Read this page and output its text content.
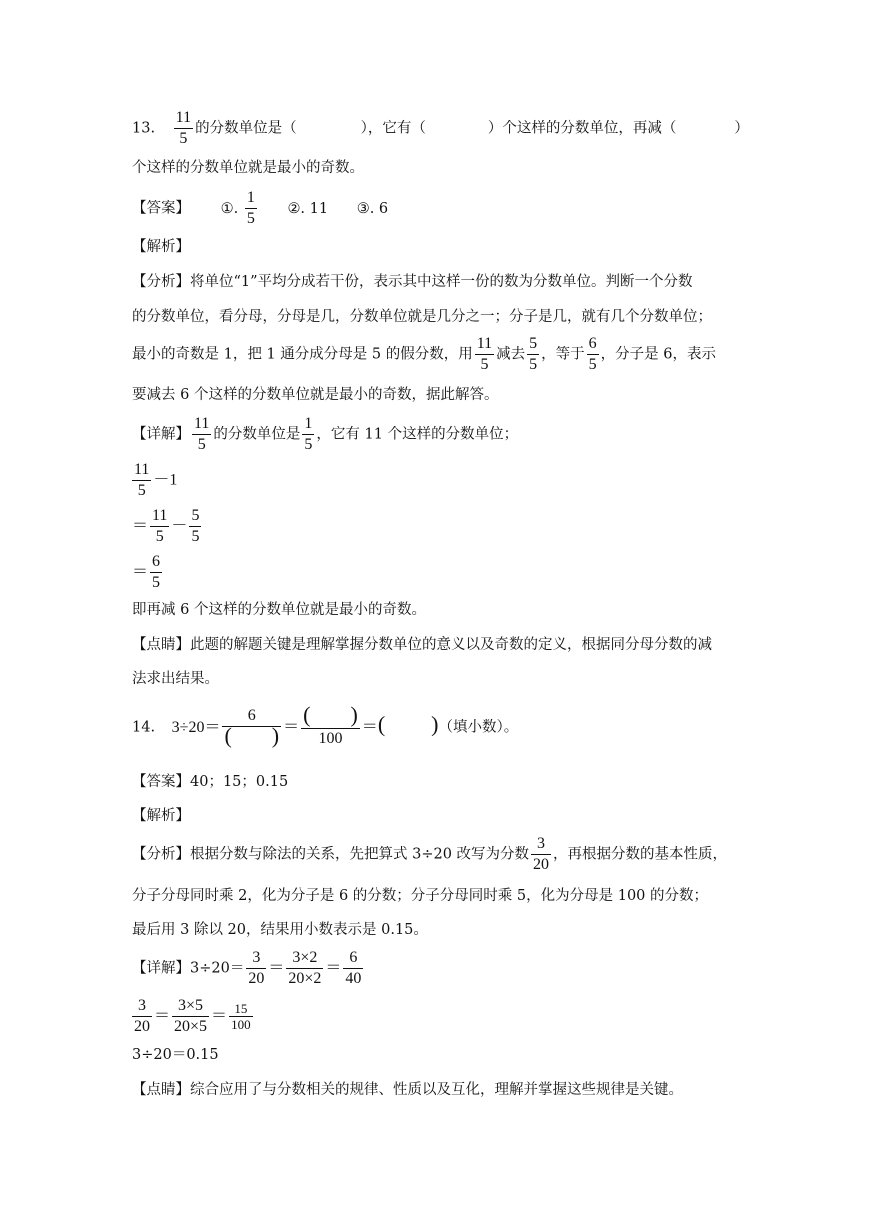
13. $\frac{11}{5}$ 的分数单位是（	），它有（	）个这样的分数单位，再减（	）
个这样的分数单位就是最小的奇数。
【答案】 ①. $\frac{1}{5}$ ②. 11 ③. 6
【解析】
【分析】将单位“1”平均分成若干份，表示其中这样一份的数为分数单位。判断一个分数
的分数单位，看分母，分母是几，分数单位就是几分之一；分子是几，就有几个分数单位；
最小的奇数是 1，把 1 通分成分母是 5 的假分数，用 $\frac{11}{5}$ 减去 $\frac{5}{5}$ ，等于 $\frac{6}{5}$ ，分子是 6，表示
要减去 6 个这样的分数单位就是最小的奇数，据此解答。
【详解】 $\frac{11}{5}$ 的分数单位是 $\frac{1}{5}$ ，它有 11 个这样的分数单位；
$\frac{11}{5} -1$
＝ $\frac{11}{5} - \frac{5}{5}$
＝ $\frac{6}{5}$
即再减 6 个这样的分数单位就是最小的奇数。
【点睛】此题的解题关键是理解掌握分数单位的意义以及奇数的定义，根据同分母分数的减
法求出结果。
14. 3÷20＝
6
( ) ＝ ( )
100
＝( )（填小数）。
【答案】40；15；0.15
【解析】
【分析】根据分数与除法的关系，先把算式 3÷20 改写为分数 $\frac{3}{20}$ ，再根据分数的基本性质，
分子分母同时乘 2，化为分子是 6 的分数；分子分母同时乘 5，化为分母是 100 的分数；
最后用 3 除以 20，结果用小数表示是 0.15。
【详解】$3\div 20= \frac{3}{20} = \frac{3\times 2}{20\times 2} = \frac{6}{40}$
$\frac{3}{20} = \frac{3\times 5}{20\times 5} = \frac{15}{100}$
3÷20＝0.15
【点睛】综合应用了与分数相关的规律、性质以及互化，理解并掌握这些规律是关键。
